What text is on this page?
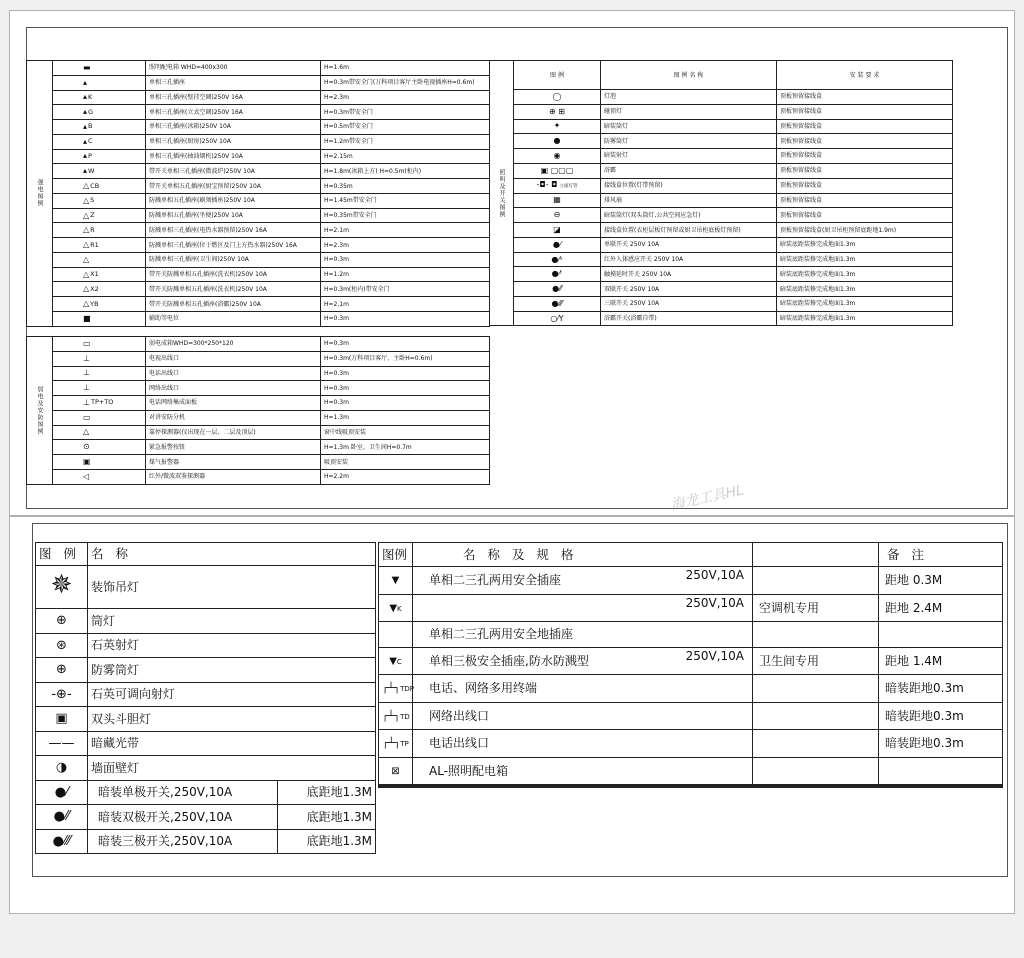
强电图例	▬	照明配电箱 WHD=400x300	H=1.6m
	▴	单相三孔插座	H=0.3m带安全门(万科项目客厅主卧电视插座H=0.6m)
	▴K	单相三孔插座(壁挂空调)250V 16A	H=2.3m
	▴G	单相三孔插座(立式空调)250V 16A	H=0.3m带安全门
	▴B	单相三孔插座(冰箱)250V 10A	H=0.5m带安全门
	▴C	单相三孔插座(厨房)250V 10A	H=1.2m带安全门
	▴P	单相三孔插座(抽油烟机)250V 10A	H=2.15m
	▴W	带开关单相三孔插座(微波炉)250V 10A	H=1.8m(冰箱上方) H=0.5m(柜内)
	△CB	带开关单相五孔插座(厨宝预留)250V 10A	H=0.35m
	△S	防溅单相五孔插座(刷须插座)250V 10A	H=1.45m带安全门
	△Z	防溅单相五孔插座(坐便)250V 10A	H=0.35m带安全门
	△R	防溅单相三孔插座(电热水器预留)250V 16A	H=2.1m
	△R1	防溅单相三孔插座(位于燃区及门上方热水器)250V 16A	H=2.3m
	△	防溅单相三孔插座(卫生间)250V 10A	H=0.3m
	△X1	带开关防溅单相五孔插座(洗衣机)250V 10A	H=1.2m
	△X2	带开关防溅单相五孔插座(洗衣机)250V 10A	H=0.3m(柜内)带安全门
	△YB	带开关防溅单相五孔插座(浴霸)250V 10A	H=2.1m
	■	辅助等电位	H=0.3m
弱电及安防图例	▭	弱电成箱WHD=300*250*120	H=0.3m
	⊥	电视出线口	H=0.3m(万科项目客厅、主卧H=0.6m)
	⊥	电话出线口	H=0.3m
	⊥	网络出线口	H=0.3m
	⊥TP+TO	电话网络集成面板	H=0.3m
	▭	对讲安防分机	H=1.3m
	△	靠停探测器(仅出现在一层、二层及顶层)	窗中线吸顶安装
	⊙	紧急报警按钮	H=1.3m 卧室、卫生间H=0.7m
	▣	煤气报警器	吸顶安装
	◁	红外/微波双鉴探测器	H=2.2m
照明及开关图例	图 例	图 例 名 称	安 装 要 求
	◯	灯泡	顶板预留接线盒
	⊕ ⊞	碰顶灯	顶板预留接线盒
	✦	暗装筒灯	顶板预留接线盒
	●	防雾筒灯	顶板预留接线盒
	◉	暗装射灯	顶板预留接线盒
	▣ ▢▢▢	浴霸	顶板预留接线盒
	-◘- ◘ 立面灯管	接线盒位置(灯带预留)	顶板预留接线盒
	▦	排风扇	顶板预留接线盒
	⊖	暗装筒灯(双头筒灯,公共空间应急灯)	顶板预留接线盒
	◪	接线盒位置(衣柜层板灯预留或厨卫吊柜底板灯预留)	顶板预留接线盒(厨卫吊柜预留底距地1.9m)
	●⁄	单联开关 250V 10A	暗装底距装修完成地面1.3m
	●⁄ˢ	红外人体感应开关 250V 10A	暗装底距装修完成地面1.3m
	●⁄ᵗ	触摸延时开关 250V 10A	暗装底距装修完成地面1.3m
	●⁄⁄	双联开关 250V 10A	暗装底距装修完成地面1.3m
	●⁄⁄⁄	三联开关 250V 10A	暗装底距装修完成地面1.3m
	○⁄Y	浴霸开关(浴霸自带)	暗装底距装修完成地面1.3m
海龙工具HL
图 例	名 称	
✵	装饰吊灯	
⊕	筒灯	
⊛	石英射灯	
⊕	防雾筒灯	
-⊕-	石英可调向射灯	
▣	双头斗胆灯	
——	暗藏光带	
◑	墙面壁灯	
●⁄	暗装单极开关,250V,10A	底距地1.3M
●⁄⁄	暗装双极开关,250V,10A	底距地1.3M
●⁄⁄⁄	暗装三极开关,250V,10A	底距地1.3M
图例	名 称 及 规 格		备 注
▼	单相二三孔两用安全插座 250V,10A		距地 0.3M
▼K	250V,10A	空调机专用	距地 2.4M
	单相二三孔两用安全地插座

▼C	单相三极安全插座,防水防溅型 250V,10A	卫生间专用	距地 1.4M
┌┴┐TDP	电话、网络多用终端		暗装距地0.3m
┌┴┐TD	网络出线口		暗装距地0.3m
┌┴┐TP	电话出线口		暗装距地0.3m
⊠	AL-照明配电箱
